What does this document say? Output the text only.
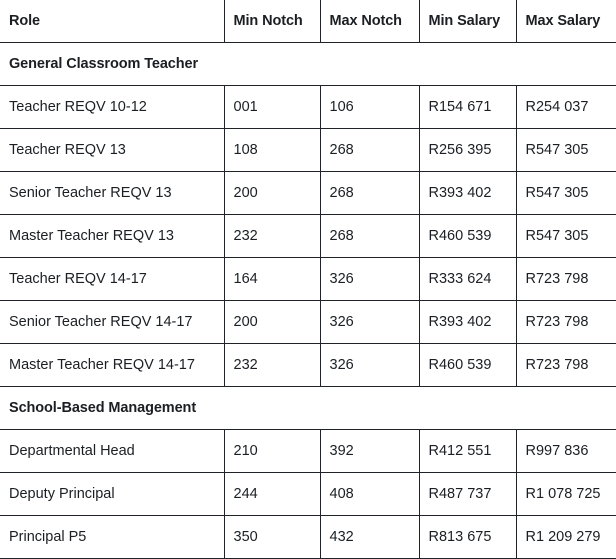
Role	Min Notch	Max Notch	Min Salary	Max Salary
General Classroom Teacher				
Teacher REQV 10-12	001	106	R154 671	R254 037
Teacher REQV 13	108	268	R256 395	R547 305
Senior Teacher REQV 13	200	268	R393 402	R547 305
Master Teacher REQV 13	232	268	R460 539	R547 305
Teacher REQV 14-17	164	326	R333 624	R723 798
Senior Teacher REQV 14-17	200	326	R393 402	R723 798
Master Teacher REQV 14-17	232	326	R460 539	R723 798
School-Based Management				
Departmental Head	210	392	R412 551	R997 836
Deputy Principal	244	408	R487 737	R1 078 725
Principal P5	350	432	R813 675	R1 209 279
